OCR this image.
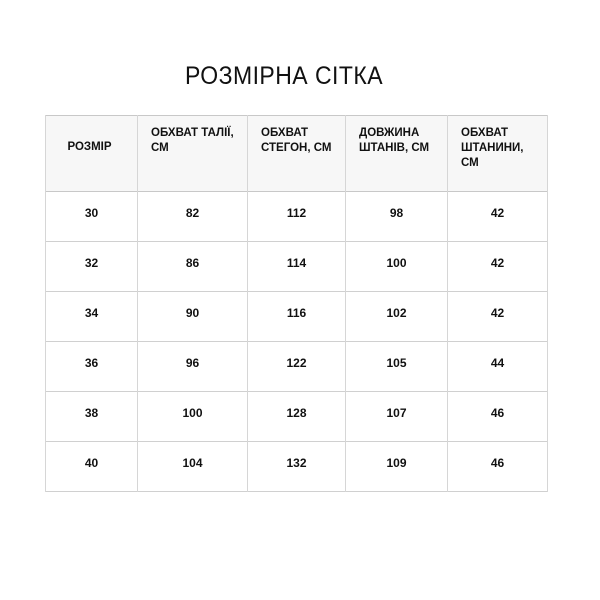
РОЗМІРНА СІТКА
РОЗМІР	ОБХВАТ ТАЛІЇ, СМ	ОБХВАТ СТЕГОН, СМ	ДОВЖИНА ШТАНІВ, СМ	ОБХВАТ ШТАНИНИ, СМ
30	82	112	98	42
32	86	114	100	42
34	90	116	102	42
36	96	122	105	44
38	100	128	107	46
40	104	132	109	46
